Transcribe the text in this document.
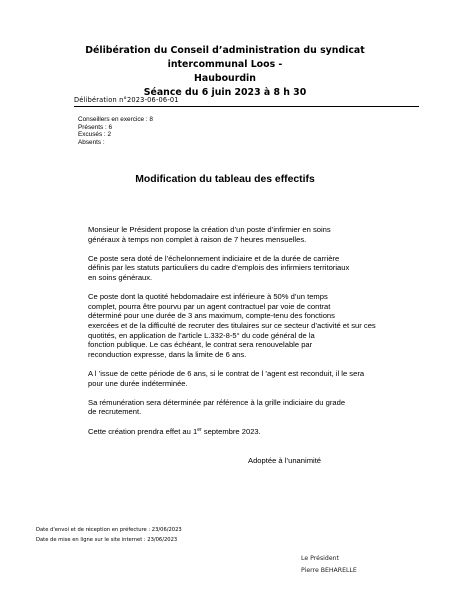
Délibération du Conseil d’administration du syndicat intercommunal Loos -
Haubourdin
Séance du 6 juin 2023 à 8 h 30
Délibération n°2023-06-06-01
Conseillers en exercice : 8
Présents : 6
Excusés : 2
Absents :
Modification du tableau des effectifs
Monsieur le Président propose la création d’un poste d’infirmier en soins
généraux à temps non complet à raison de 7 heures mensuelles.
Ce poste sera doté de l’échelonnement indiciaire et de la durée de carrière
définis par les statuts particuliers du cadre d’emplois des infirmiers territoriaux
en soins généraux.
Ce poste dont la quotité hebdomadaire est inférieure à 50% d’un temps
complet, pourra être pourvu par un agent contractuel par voie de contrat
déterminé pour une durée de 3 ans maximum, compte-tenu des fonctions
exercées et de la difficulté de recruter des titulaires sur ce secteur d’activité et sur ces
quotités, en application de l’article L.332-8-5° du code général de la
fonction publique. Le cas échéant, le contrat sera renouvelable par
reconduction expresse, dans la limite de 6 ans.
A l ’issue de cette période de 6 ans, si le contrat de l ’agent est reconduit, il le sera
pour une durée indéterminée.
Sa rémunération sera déterminée par référence à la grille indiciaire du grade
de recrutement.
Cette création prendra effet au 1er septembre 2023.
Adoptée à l’unanimité
Date d'envoi et de réception en préfecture : 23/06/2023
Date de mise en ligne sur le site internet : 23/06/2023
Le Président
Pierre BEHARELLE
